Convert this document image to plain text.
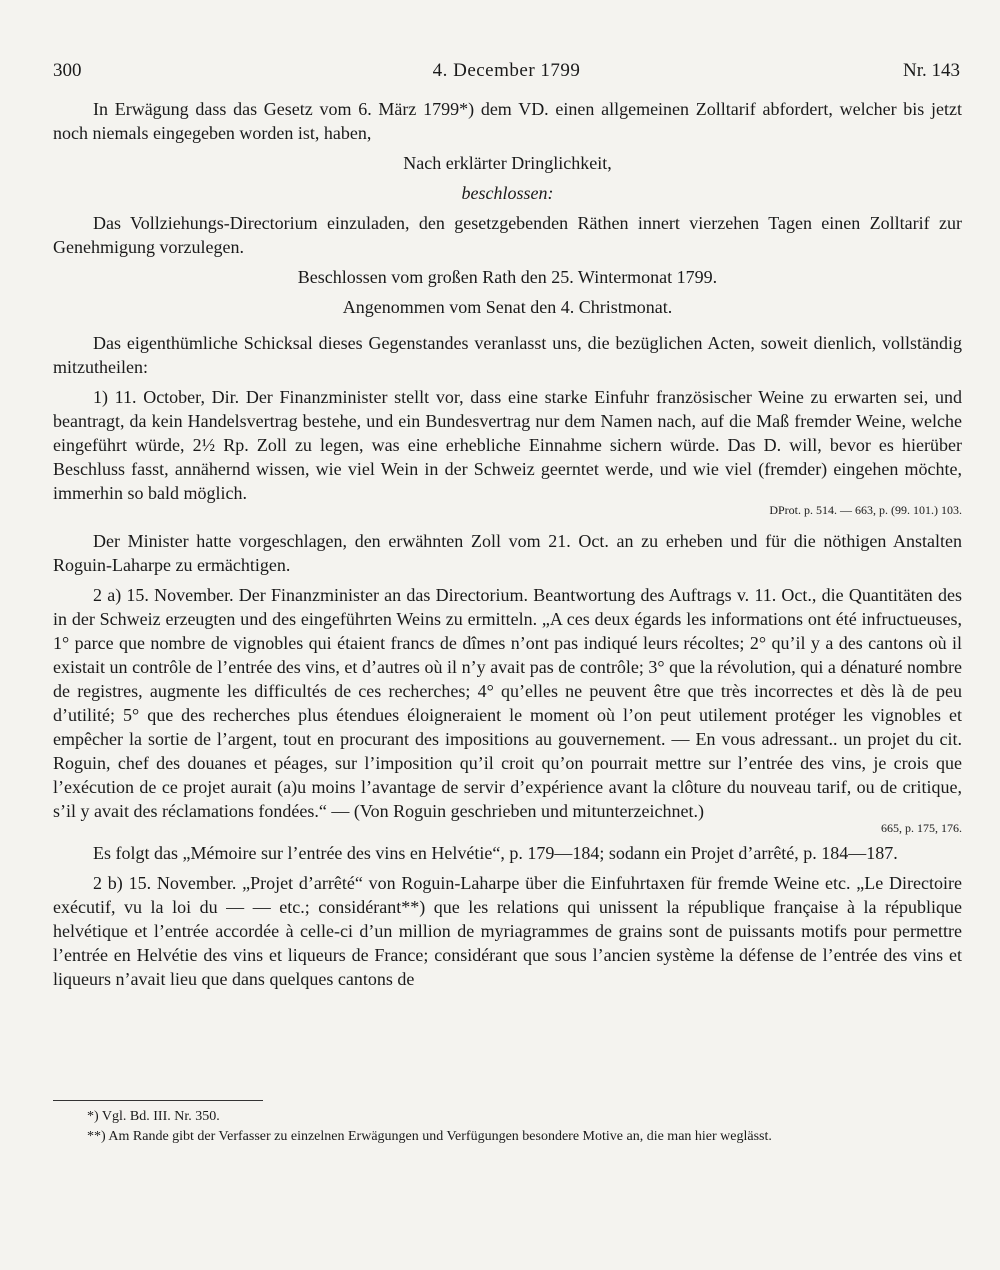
300	4. December 1799	Nr. 143

In Erwägung dass das Gesetz vom 6. März 1799*) dem VD. einen allgemeinen Zolltarif abfordert, welcher bis jetzt noch niemals eingegeben worden ist, haben,

Nach erklärter Dringlichkeit,

beschlossen:

Das Vollziehungs-Directorium einzuladen, den gesetzgebenden Räthen innert vierzehen Tagen einen Zolltarif zur Genehmigung vorzulegen.

Beschlossen vom großen Rath den 25. Wintermonat 1799.

Angenommen vom Senat den 4. Christmonat.

Das eigenthümliche Schicksal dieses Gegenstandes veranlasst uns, die bezüglichen Acten, soweit dienlich, vollständig mitzutheilen:

1) 11. October, Dir. Der Finanzminister stellt vor, dass eine starke Einfuhr französischer Weine zu erwarten sei, und beantragt, da kein Handelsvertrag bestehe, und ein Bundesvertrag nur dem Namen nach, auf die Maß fremder Weine, welche eingeführt würde, 2½ Rp. Zoll zu legen, was eine erhebliche Einnahme sichern würde. Das D. will, bevor es hierüber Beschluss fasst, annähernd wissen, wie viel Wein in der Schweiz geerntet werde, und wie viel (fremder) eingehen möchte, immerhin so bald möglich.

DProt. p. 514. — 663, p. (99. 101.) 103.

Der Minister hatte vorgeschlagen, den erwähnten Zoll vom 21. Oct. an zu erheben und für die nöthigen Anstalten Roguin-Laharpe zu ermächtigen.

2 a) 15. November. Der Finanzminister an das Directorium. Beantwortung des Auftrags v. 11. Oct., die Quantitäten des in der Schweiz erzeugten und des eingeführten Weins zu ermitteln. „A ces deux égards les informations ont été infructueuses, 1° parce que nombre de vignobles qui étaient francs de dîmes n’ont pas indiqué leurs récoltes; 2° qu’il y a des cantons où il existait un contrôle de l’entrée des vins, et d’autres où il n’y avait pas de contrôle; 3° que la révolution, qui a dénaturé nombre de registres, augmente les difficultés de ces recherches; 4° qu’elles ne peuvent être que très incorrectes et dès là de peu d’utilité; 5° que des recherches plus étendues éloigneraient le moment où l’on peut utilement protéger les vignobles et empêcher la sortie de l’argent, tout en procurant des impositions au gouvernement. — En vous adressant.. un projet du cit. Roguin, chef des douanes et péages, sur l’imposition qu’il croit qu’on pourrait mettre sur l’entrée des vins, je crois que l’exécution de ce projet aurait (a)u moins l’avantage de servir d’expérience avant la clôture du nouveau tarif, ou de critique, s’il y avait des réclamations fondées.“ — (Von Roguin geschrieben und mitunterzeichnet.)

665, p. 175, 176.

Es folgt das „Mémoire sur l’entrée des vins en Helvétie“, p. 179—184; sodann ein Projet d’arrêté, p. 184—187.

2 b) 15. November. „Projet d’arrêté“ von Roguin-Laharpe über die Einfuhrtaxen für fremde Weine etc. „Le Directoire exécutif, vu la loi du — — etc.; considérant**) que les relations qui unissent la république française à la république helvétique et l’entrée accordée à celle-ci d’un million de myriagrammes de grains sont de puissants motifs pour permettre l’entrée en Helvétie des vins et liqueurs de France; considérant que sous l’ancien système la défense de l’entrée des vins et liqueurs n’avait lieu que dans quelques cantons de

*) Vgl. Bd. III. Nr. 350.

**) Am Rande gibt der Verfasser zu einzelnen Erwägungen und Verfügungen besondere Motive an, die man hier weglässt.
